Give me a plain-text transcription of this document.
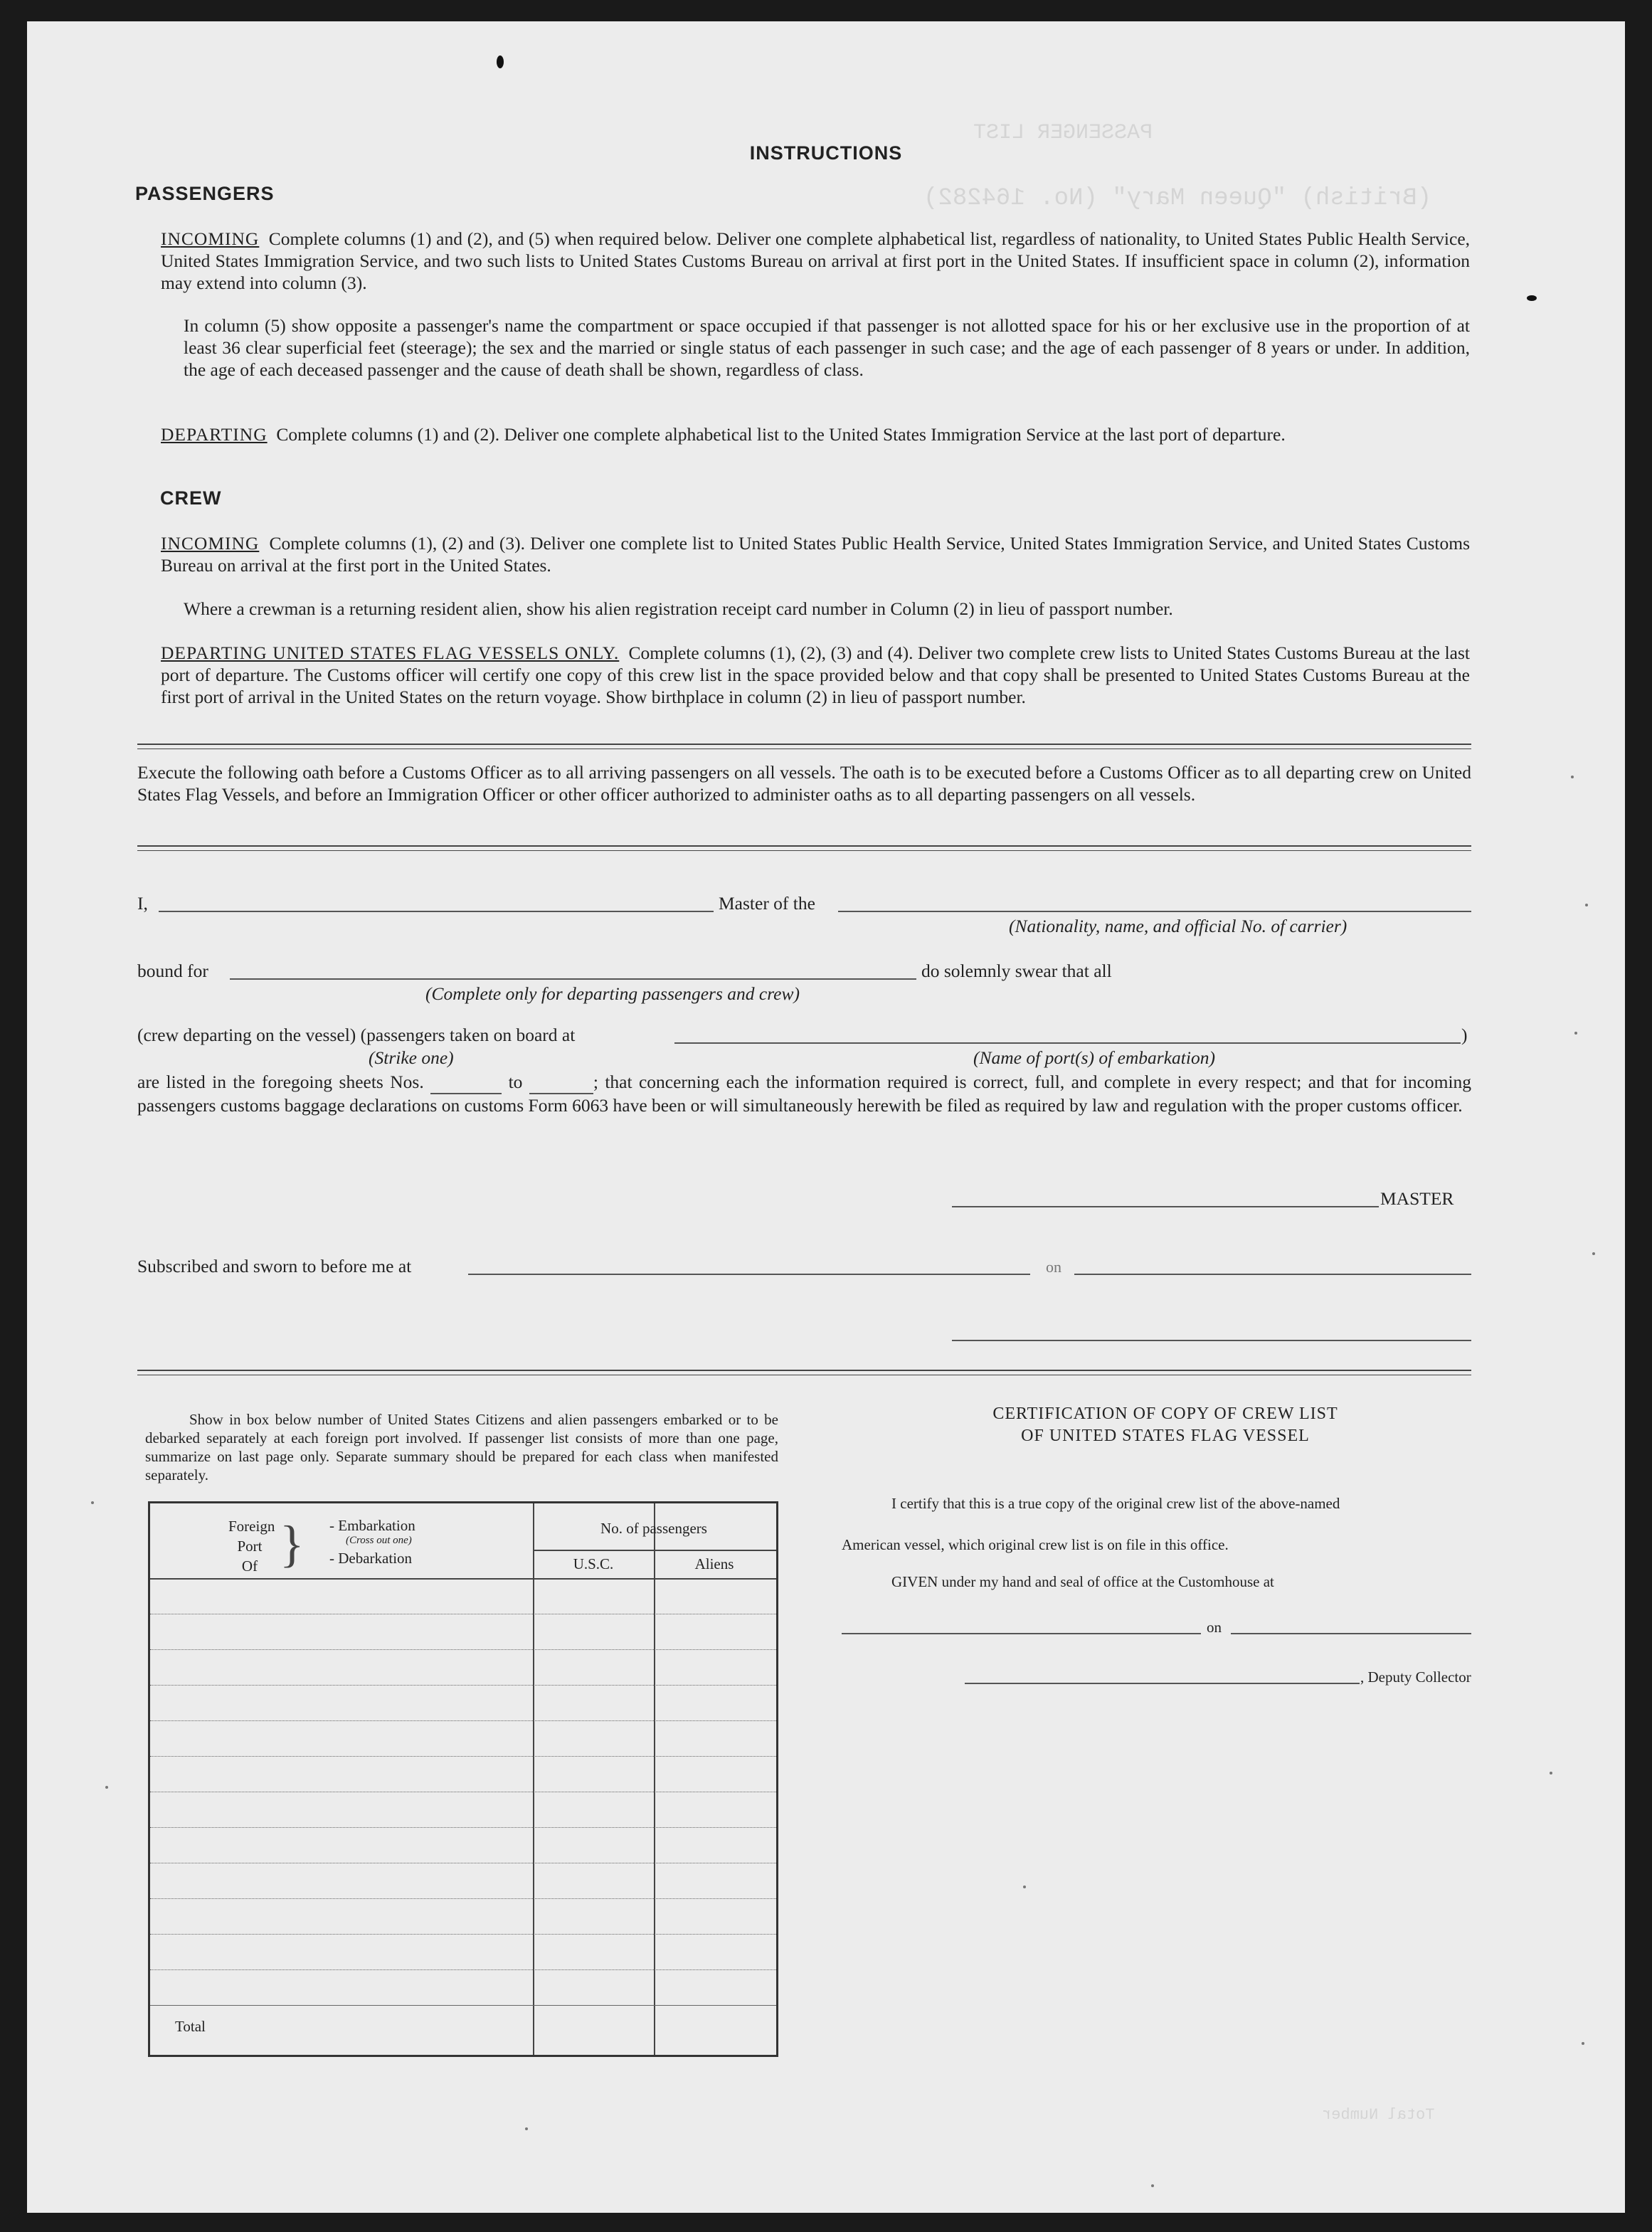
(British) "Queen Mary" (No. 164282)
PASSENGER LIST
Total Number
INSTRUCTIONS
PASSENGERS
INCOMING Complete columns (1) and (2), and (5) when required below. Deliver one complete alphabetical list, regardless of nationality, to United States Public Health Service, United States Immigration Service, and two such lists to United States Customs Bureau on arrival at first port in the United States. If insufficient space in column (2), information may extend into column (3).
In column (5) show opposite a passenger's name the compartment or space occupied if that passenger is not allotted space for his or her exclusive use in the proportion of at least 36 clear superficial feet (steerage); the sex and the married or single status of each passenger in such case; and the age of each passenger of 8 years or under. In addition, the age of each deceased passenger and the cause of death shall be shown, regardless of class.
DEPARTING Complete columns (1) and (2). Deliver one complete alphabetical list to the United States Immigration Service at the last port of departure.
CREW
INCOMING Complete columns (1), (2) and (3). Deliver one complete list to United States Public Health Service, United States Immigration Service, and United States Customs Bureau on arrival at the first port in the United States.
Where a crewman is a returning resident alien, show his alien registration receipt card number in Column (2) in lieu of passport number.
DEPARTING UNITED STATES FLAG VESSELS ONLY. Complete columns (1), (2), (3) and (4). Deliver two complete crew lists to United States Customs Bureau at the last port of departure. The Customs officer will certify one copy of this crew list in the space provided below and that copy shall be presented to United States Customs Bureau at the first port of arrival in the United States on the return voyage. Show birthplace in column (2) in lieu of passport number.
Execute the following oath before a Customs Officer as to all arriving passengers on all vessels. The oath is to be executed before a Customs Officer as to all departing crew on United States Flag Vessels, and before an Immigration Officer or other officer authorized to administer oaths as to all departing passengers on all vessels.
I,	Master of the
(Nationality, name, and official No. of carrier)
bound for
(Complete only for departing passengers and crew)
do solemnly swear that all
(crew departing on the vessel) (passengers taken on board at
(Strike one)
)
(Name of port(s) of embarkation)
are listed in the foregoing sheets Nos.	to	; that concerning each the information required is correct, full, and complete in every respect; and that for incoming passengers customs baggage declarations on customs Form 6063 have been or will simultaneously herewith be filed as required by law and regulation with the proper customs officer.
MASTER
Subscribed and sworn to before me at	on
Show in box below number of United States Citizens and alien passengers embarked or to be debarked separately at each foreign port involved. If passenger list consists of more than one page, summarize on last page only. Separate summary should be prepared for each class when manifested separately.
Foreign
Port
Of } - Embarkation
(Cross out one)
- Debarkation
No. of passengers
U.S.C.	Aliens
Total
CERTIFICATION OF COPY OF CREW LIST
OF UNITED STATES FLAG VESSEL
I certify that this is a true copy of the original crew list of the above-named
American vessel, which original crew list is on file in this office.
GIVEN under my hand and seal of office at the Customhouse at
on
, Deputy Collector
